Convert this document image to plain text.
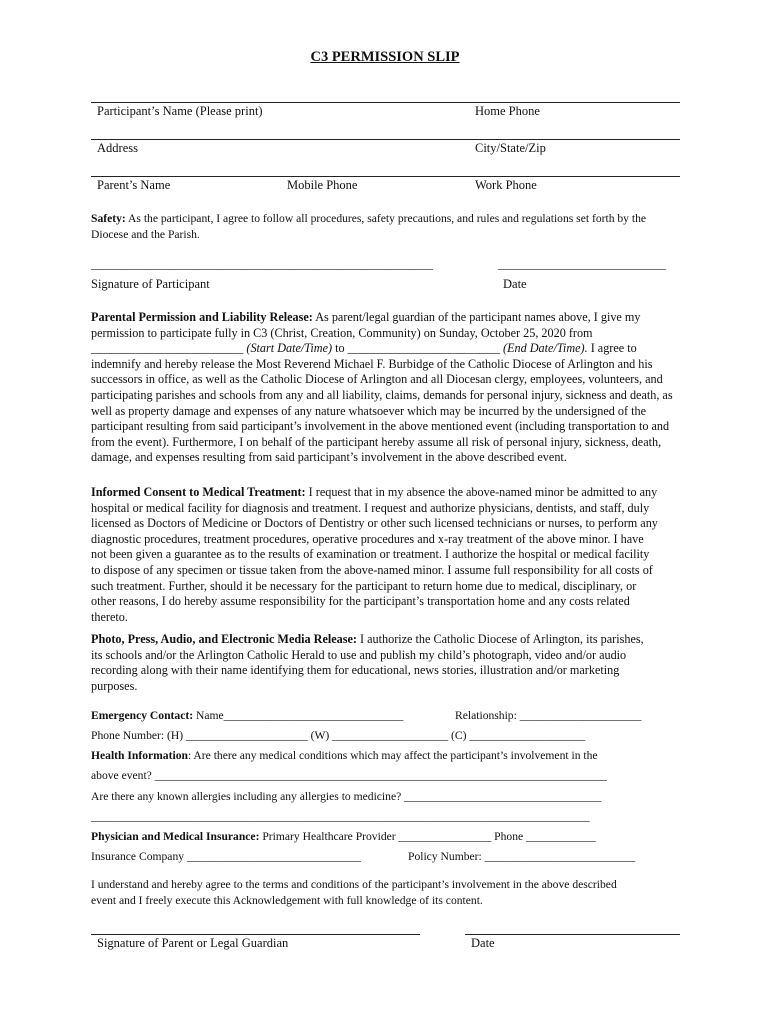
C3 PERMISSION SLIP
Participant’s Name (Please print)	Home Phone
Address	City/State/Zip
Parent’s Name	Mobile Phone	Work Phone
Safety: As the participant, I agree to follow all procedures, safety precautions, and rules and regulations set forth by the
Diocese and the Parish.
_________________________________________________________	____________________________
Signature of Participant	Date
Parental Permission and Liability Release: As parent/legal guardian of the participant names above, I give my
permission to participate fully in C3 (Christ, Creation, Community) on Sunday, October 25, 2020 from
_________________________ (Start Date/Time) to _________________________ (End Date/Time). I agree to
indemnify and hereby release the Most Reverend Michael F. Burbidge of the Catholic Diocese of Arlington and his
successors in office, as well as the Catholic Diocese of Arlington and all Diocesan clergy, employees, volunteers, and
participating parishes and schools from any and all liability, claims, demands for personal injury, sickness and death, as
well as property damage and expenses of any nature whatsoever which may be incurred by the undersigned of the
participant resulting from said participant’s involvement in the above mentioned event (including transportation to and
from the event). Furthermore, I on behalf of the participant hereby assume all risk of personal injury, sickness, death,
damage, and expenses resulting from said participant’s involvement in the above described event.
Informed Consent to Medical Treatment: I request that in my absence the above-named minor be admitted to any
hospital or medical facility for diagnosis and treatment. I request and authorize physicians, dentists, and staff, duly
licensed as Doctors of Medicine or Doctors of Dentistry or other such licensed technicians or nurses, to perform any
diagnostic procedures, treatment procedures, operative procedures and x-ray treatment of the above minor. I have
not been given a guarantee as to the results of examination or treatment. I authorize the hospital or medical facility
to dispose of any specimen or tissue taken from the above-named minor. I assume full responsibility for all costs of
such treatment. Further, should it be necessary for the participant to return home due to medical, disciplinary, or
other reasons, I do hereby assume responsibility for the participant’s transportation home and any costs related
thereto.
Photo, Press, Audio, and Electronic Media Release: I authorize the Catholic Diocese of Arlington, its parishes,
its schools and/or the Arlington Catholic Herald to use and publish my child’s photograph, video and/or audio
recording along with their name identifying them for educational, news stories, illustration and/or marketing
purposes.
Emergency Contact: Name_______________________________	Relationship: _____________________
Phone Number: (H) _____________________ (W) ____________________ (C) ____________________
Health Information: Are there any medical conditions which may affect the participant’s involvement in the
above event? ______________________________________________________________________________
Are there any known allergies including any allergies to medicine? __________________________________
______________________________________________________________________________________
Physician and Medical Insurance: Primary Healthcare Provider ________________ Phone ____________
Insurance Company ______________________________	Policy Number: __________________________
I understand and hereby agree to the terms and conditions of the participant’s involvement in the above described
event and I freely execute this Acknowledgement with full knowledge of its content.
Signature of Parent or Legal Guardian	Date
